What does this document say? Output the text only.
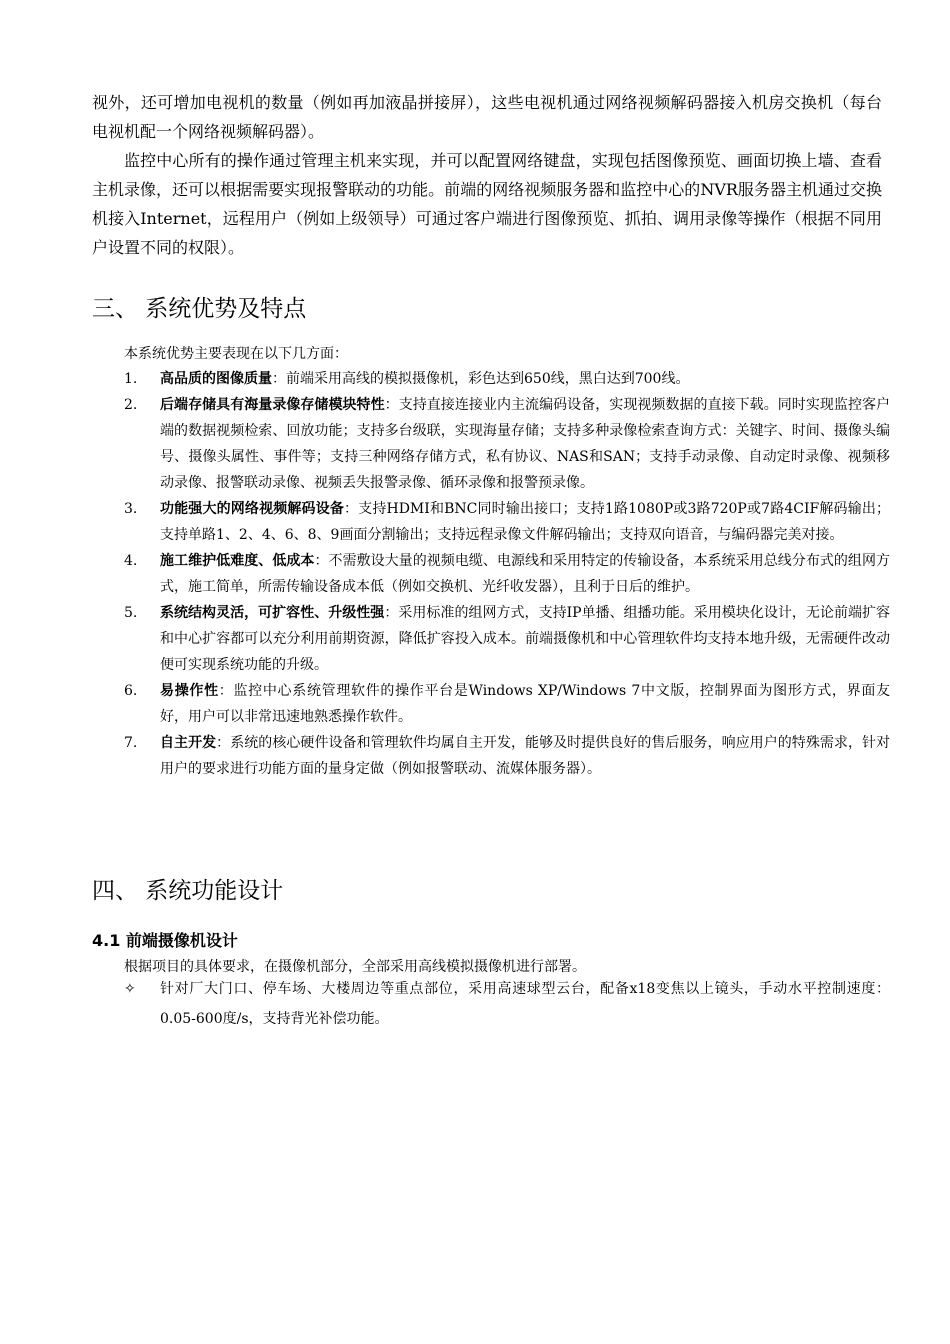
视外，还可增加电视机的数量（例如再加液晶拼接屏），这些电视机通过网络视频解码器接入机房交换机（每台电视机配一个网络视频解码器）。

监控中心所有的操作通过管理主机来实现，并可以配置网络键盘，实现包括图像预览、画面切换上墙、查看主机录像，还可以根据需要实现报警联动的功能。前端的网络视频服务器和监控中心的NVR服务器主机通过交换机接入Internet，远程用户（例如上级领导）可通过客户端进行图像预览、抓拍、调用录像等操作（根据不同用户设置不同的权限）。

三、 系统优势及特点
本系统优势主要表现在以下几方面：
1. 高品质的图像质量：前端采用高线的模拟摄像机，彩色达到650线，黑白达到700线。
2. 后端存储具有海量录像存储模块特性：支持直接连接业内主流编码设备，实现视频数据的直接下载。同时实现监控客户端的数据视频检索、回放功能；支持多台级联，实现海量存储；支持多种录像检索查询方式：关键字、时间、摄像头编号、摄像头属性、事件等；支持三种网络存储方式，私有协议、NAS和SAN；支持手动录像、自动定时录像、视频移动录像、报警联动录像、视频丢失报警录像、循环录像和报警预录像。
3. 功能强大的网络视频解码设备：支持HDMI和BNC同时输出接口；支持1路1080P或3路720P或7路4CIF解码输出；支持单路1、2、4、6、8、9画面分割输出；支持远程录像文件解码输出；支持双向语音，与编码器完美对接。
4. 施工维护低难度、低成本：不需敷设大量的视频电缆、电源线和采用特定的传输设备，本系统采用总线分布式的组网方式，施工简单，所需传输设备成本低（例如交换机、光纤收发器），且利于日后的维护。
5. 系统结构灵活，可扩容性、升级性强：采用标准的组网方式，支持IP单播、组播功能。采用模块化设计，无论前端扩容和中心扩容都可以充分利用前期资源，降低扩容投入成本。前端摄像机和中心管理软件均支持本地升级，无需硬件改动便可实现系统功能的升级。
6. 易操作性：监控中心系统管理软件的操作平台是Windows XP/Windows 7中文版，控制界面为图形方式，界面友好，用户可以非常迅速地熟悉操作软件。
7. 自主开发：系统的核心硬件设备和管理软件均属自主开发，能够及时提供良好的售后服务，响应用户的特殊需求，针对用户的要求进行功能方面的量身定做（例如报警联动、流媒体服务器）。
四、 系统功能设计
4.1 前端摄像机设计
根据项目的具体要求，在摄像机部分，全部采用高线模拟摄像机进行部署。
✧ 针对厂大门口、停车场、大楼周边等重点部位，采用高速球型云台，配备x18变焦以上镜头，手动水平控制速度：0.05-600度/s，支持背光补偿功能。
